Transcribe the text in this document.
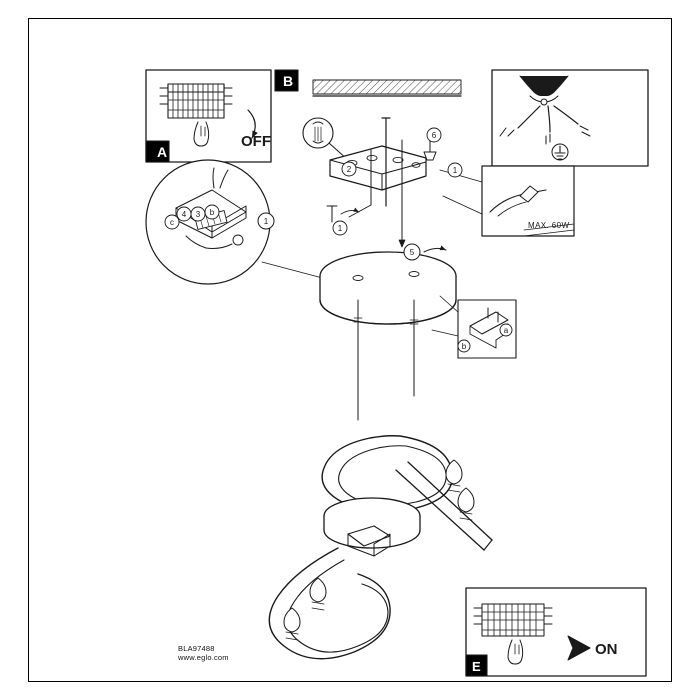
A
B
E
OFF
ON
MAX. 60W
2
6
1
1
1
5
c
4 3 b
a
b
BLA97488
www.eglo.com
